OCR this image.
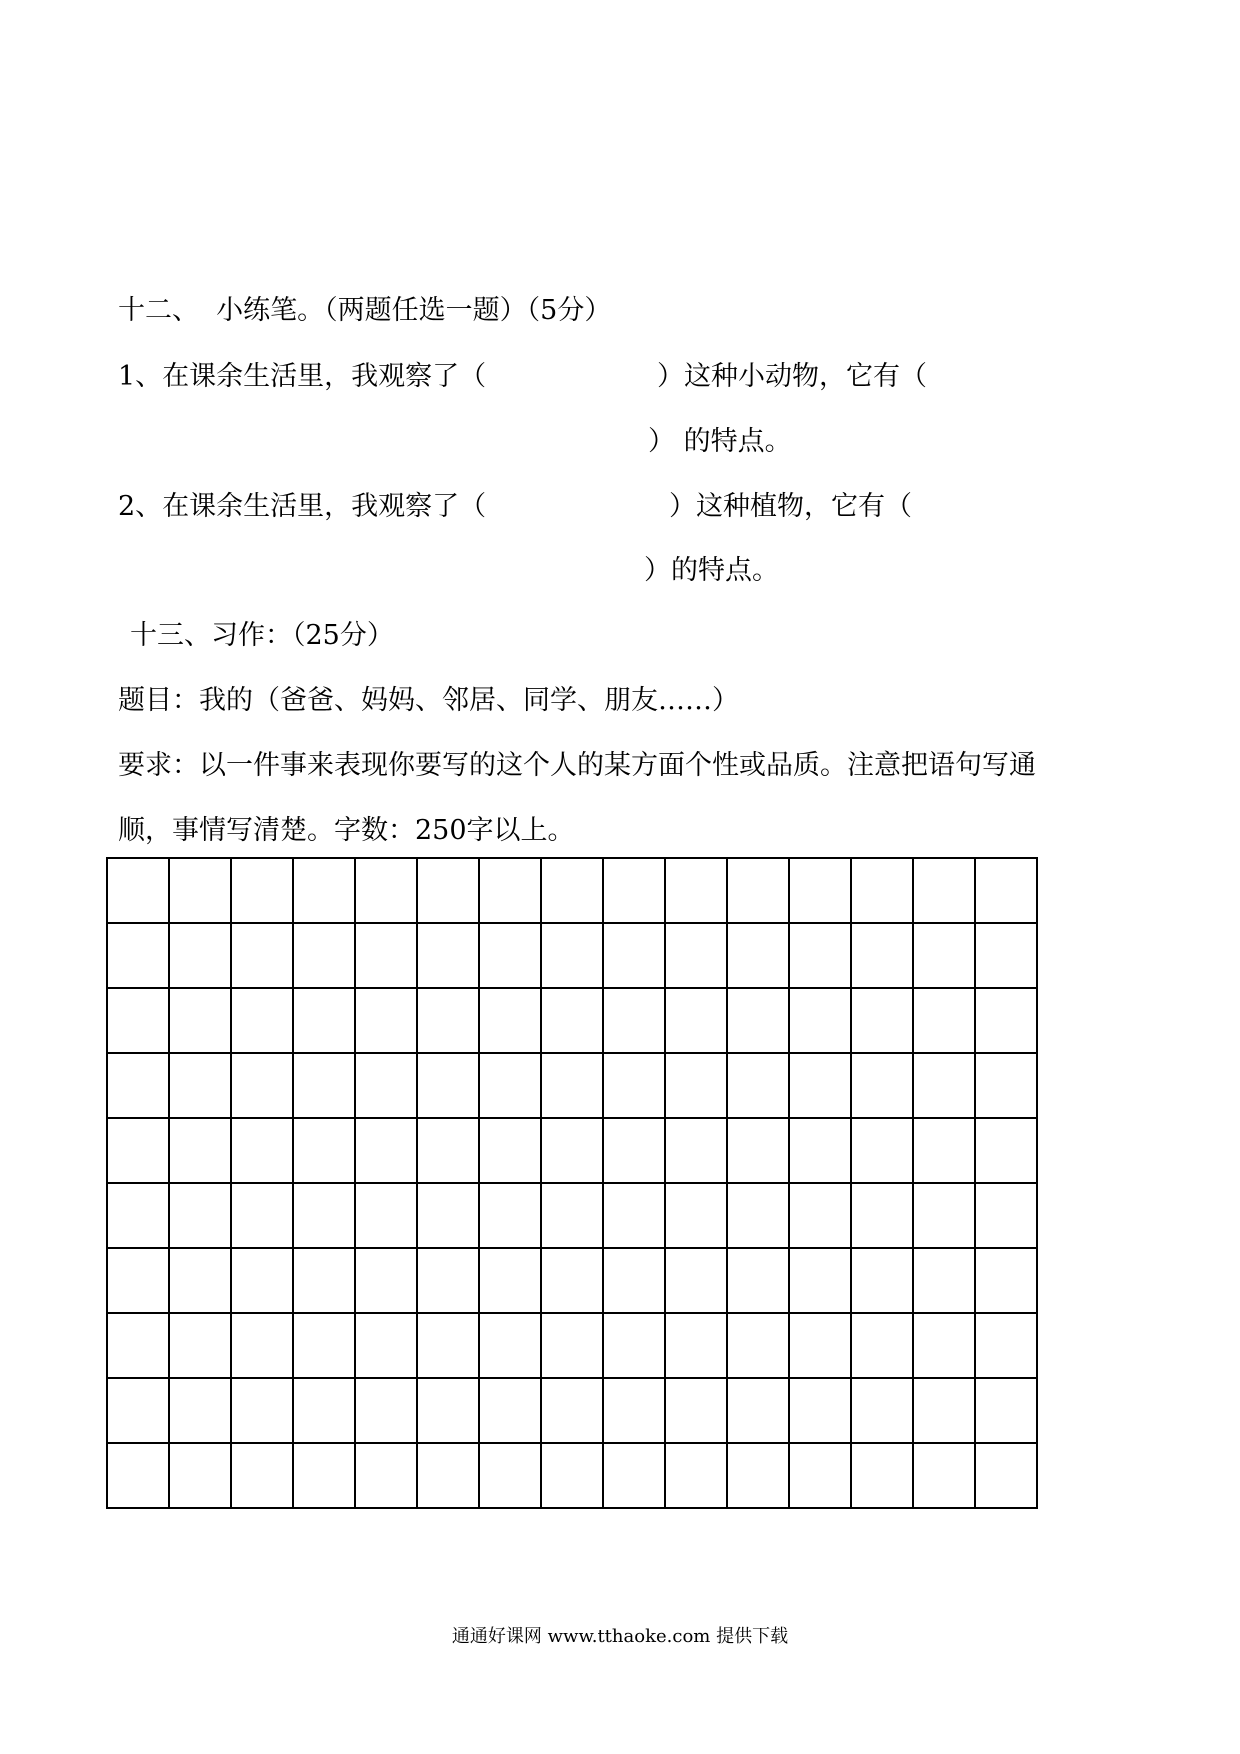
十二、  小练笔。（两题任选一题）（5分）
1、在课余生活里，我观察了（	）这种小动物，它有（
） 的特点。
2、在课余生活里，我观察了（	）这种植物，它有（
）的特点。
十三、习作：（25分）
题目：我的（爸爸、妈妈、邻居、同学、朋友……）
要求：以一件事来表现你要写的这个人的某方面个性或品质。注意把语句写通
顺，事情写清楚。字数：250字以上。
通通好课网 www.tthaoke.com 提供下载
